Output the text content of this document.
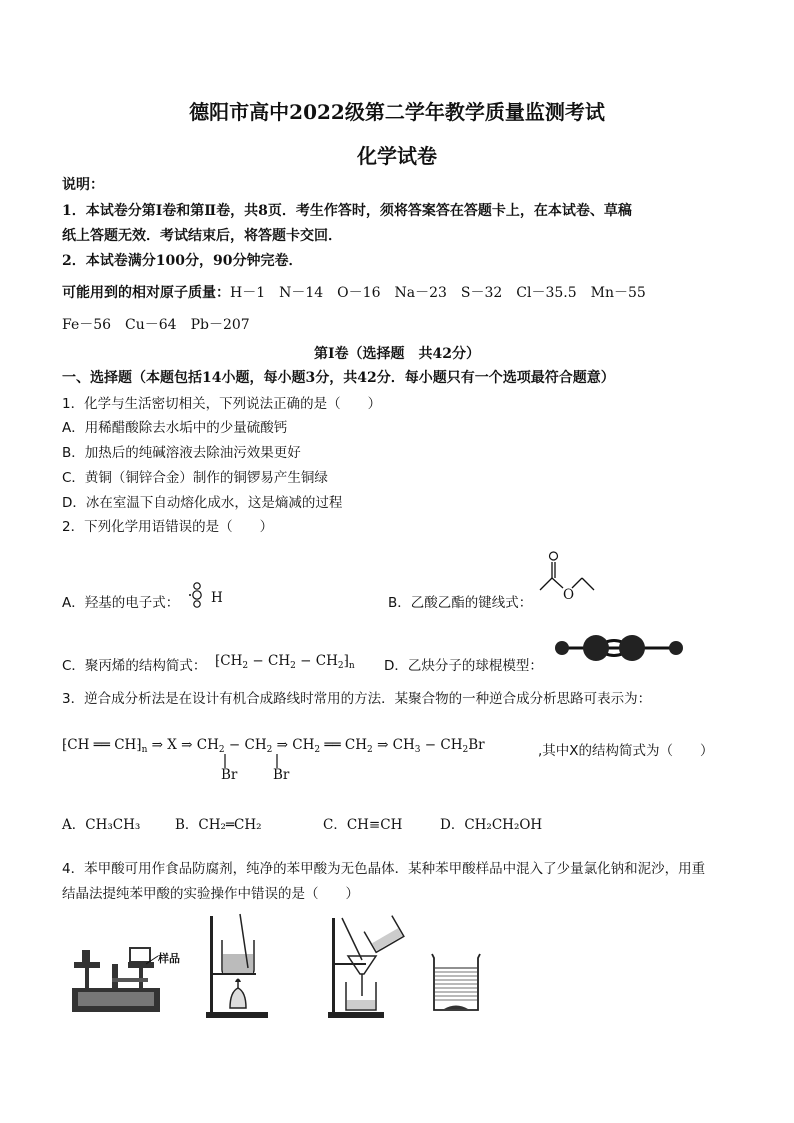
德阳市高中2022级第二学年教学质量监测考试
化学试卷
说明：
1．本试卷分第Ⅰ卷和第Ⅱ卷，共8页．考生作答时，须将答案答在答题卡上，在本试卷、草稿
纸上答题无效．考试结束后，将答题卡交回．
2．本试卷满分100分，90分钟完卷．
可能用到的相对原子质量：H－1　N－14　O－16　Na－23　S－32　Cl－35.5　Mn－55
Fe－56　Cu－64　Pb－207
第Ⅰ卷（选择题　共42分）
一、选择题（本题包括14小题，每小题3分，共42分．每小题只有一个选项最符合题意）
1．化学与生活密切相关，下列说法正确的是（　　）
A．用稀醋酸除去水垢中的少量硫酸钙
B．加热后的纯碱溶液去除油污效果更好
C．黄铜（铜锌合金）制作的铜锣易产生铜绿
D．冰在室温下自动熔化成水，这是熵减的过程
2．下列化学用语错误的是（　　）
A．羟基的电子式： H	B．乙酸乙酯的键线式： O
C．聚丙烯的结构简式： $⁅CH_2 - CH_2$ − $CH_2⁆_n$ D．乙炔分子的球棍模型：
3．逆合成分析法是在设计有机合成路线时常用的方法．某聚合物的一种逆合成分析思路可表示为：
⁅CH ══ $CH⁆_n$ ⇒ X ⇒ $CH_2 - CH_2$ ⇒ $CH_2$ ══ $CH_2$ ⇒ $CH_3 - CH_2Br$	,其中X的结构简式为（　　）
Br	Br
A．CH₃CH₃	B．CH₂═CH₂	C．CH≡CH	D．CH₂CH₂OH
4．苯甲酸可用作食品防腐剂，纯净的苯甲酸为无色晶体．某种苯甲酸样品中混入了少量氯化钠和泥沙，用重
结晶法提纯苯甲酸的实验操作中错误的是（　　）
样品
